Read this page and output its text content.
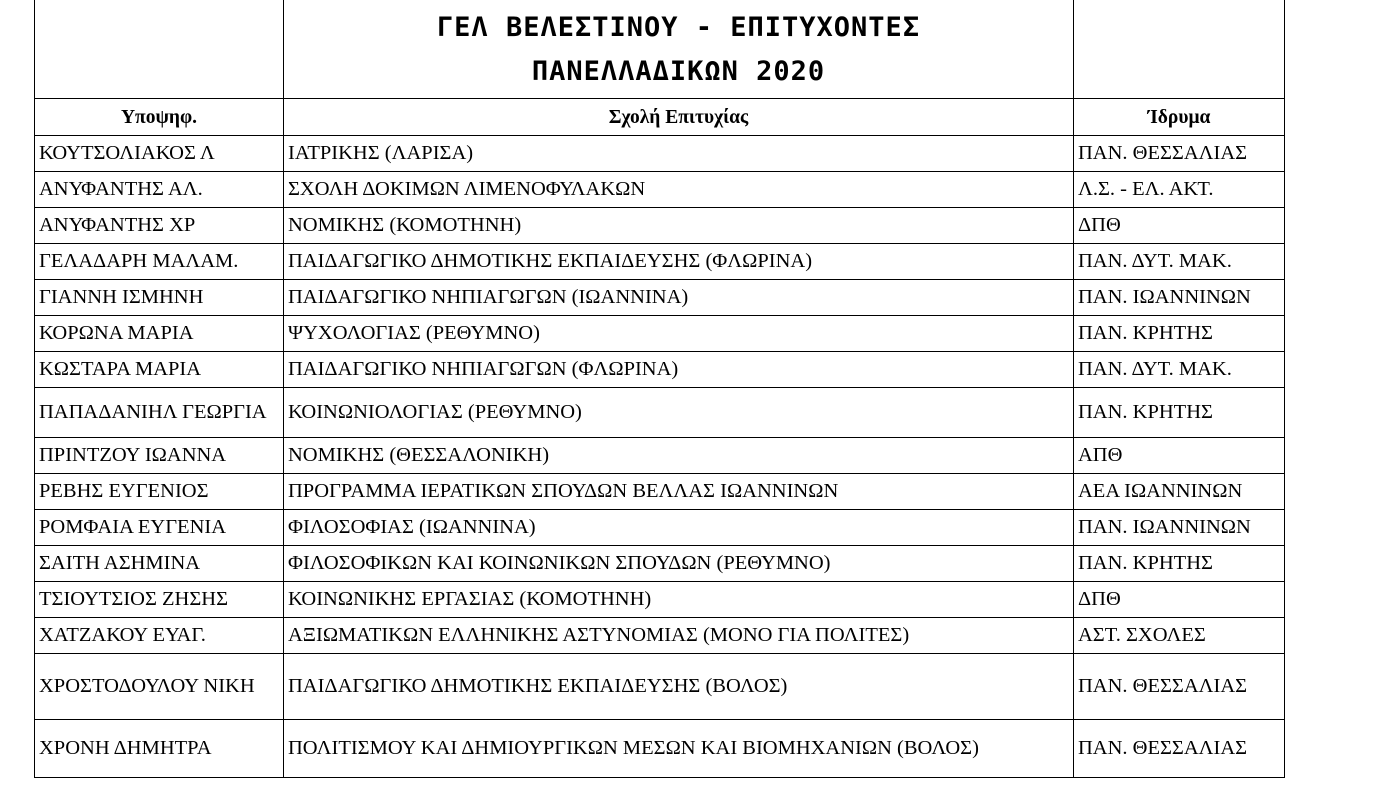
	ΓΕΛ ΒΕΛΕΣΤΙΝΟΥ - ΕΠΙΤΥΧΟΝΤΕΣ
ΠΑΝΕΛΛΑΔΙΚΩΝ 2020	

Υποψηφ.	Σχολή Επιτυχίας	Ίδρυμα
ΚΟΥΤΣΟΛΙΑΚΟΣ Λ	ΙΑΤΡΙΚΗΣ (ΛΑΡΙΣΑ)	ΠΑΝ. ΘΕΣΣΑΛΙΑΣ
ΑΝΥΦΑΝΤΗΣ ΑΛ.	ΣΧΟΛΗ ΔΟΚΙΜΩΝ ΛΙΜΕΝΟΦΥΛΑΚΩΝ	Λ.Σ. - ΕΛ. ΑΚΤ.
ΑΝΥΦΑΝΤΗΣ ΧΡ	ΝΟΜΙΚΗΣ (ΚΟΜΟΤΗΝΗ)	ΔΠΘ
ΓΕΛΑΔΑΡΗ ΜΑΛΑΜ.	ΠΑΙΔΑΓΩΓΙΚΟ ΔΗΜΟΤΙΚΗΣ ΕΚΠΑΙΔΕΥΣΗΣ (ΦΛΩΡΙΝΑ)	ΠΑΝ. ΔΥΤ. ΜΑΚ.
ΓΙΑΝΝΗ ΙΣΜΗΝΗ	ΠΑΙΔΑΓΩΓΙΚΟ ΝΗΠΙΑΓΩΓΩΝ (ΙΩΑΝΝΙΝΑ)	ΠΑΝ. ΙΩΑΝΝΙΝΩΝ
ΚΟΡΩΝΑ ΜΑΡΙΑ	ΨΥΧΟΛΟΓΙΑΣ (ΡΕΘΥΜΝΟ)	ΠΑΝ. ΚΡΗΤΗΣ
ΚΩΣΤΑΡΑ ΜΑΡΙΑ	ΠΑΙΔΑΓΩΓΙΚΟ ΝΗΠΙΑΓΩΓΩΝ (ΦΛΩΡΙΝΑ)	ΠΑΝ. ΔΥΤ. ΜΑΚ.
ΠΑΠΑΔΑΝΙΗΛ ΓΕΩΡΓΙΑ	ΚΟΙΝΩΝΙΟΛΟΓΙΑΣ (ΡΕΘΥΜΝΟ)	ΠΑΝ. ΚΡΗΤΗΣ
ΠΡΙΝΤΖΟΥ ΙΩΑΝΝΑ	ΝΟΜΙΚΗΣ (ΘΕΣΣΑΛΟΝΙΚΗ)	ΑΠΘ
ΡΕΒΗΣ ΕΥΓΕΝΙΟΣ	ΠΡΟΓΡΑΜΜΑ ΙΕΡΑΤΙΚΩΝ ΣΠΟΥΔΩΝ ΒΕΛΛΑΣ ΙΩΑΝΝΙΝΩΝ	ΑΕΑ ΙΩΑΝΝΙΝΩΝ
ΡΟΜΦΑΙΑ ΕΥΓΕΝΙΑ	ΦΙΛΟΣΟΦΙΑΣ (ΙΩΑΝΝΙΝΑ)	ΠΑΝ. ΙΩΑΝΝΙΝΩΝ
ΣΑΙΤΗ ΑΣΗΜΙΝΑ	ΦΙΛΟΣΟΦΙΚΩΝ ΚΑΙ ΚΟΙΝΩΝΙΚΩΝ ΣΠΟΥΔΩΝ (ΡΕΘΥΜΝΟ)	ΠΑΝ. ΚΡΗΤΗΣ
ΤΣΙΟΥΤΣΙΟΣ ΖΗΣΗΣ	ΚΟΙΝΩΝΙΚΗΣ ΕΡΓΑΣΙΑΣ (ΚΟΜΟΤΗΝΗ)	ΔΠΘ
ΧΑΤΖΑΚΟΥ ΕΥΑΓ.	ΑΞΙΩΜΑΤΙΚΩΝ ΕΛΛΗΝΙΚΗΣ ΑΣΤΥΝΟΜΙΑΣ (ΜΟΝΟ ΓΙΑ ΠΟΛΙΤΕΣ)	ΑΣΤ. ΣΧΟΛΕΣ
ΧΡΟΣΤΟΔΟΥΛΟΥ ΝΙΚΗ	ΠΑΙΔΑΓΩΓΙΚΟ ΔΗΜΟΤΙΚΗΣ ΕΚΠΑΙΔΕΥΣΗΣ (ΒΟΛΟΣ)	ΠΑΝ. ΘΕΣΣΑΛΙΑΣ
ΧΡΟΝΗ ΔΗΜΗΤΡΑ	ΠΟΛΙΤΙΣΜΟΥ ΚΑΙ ΔΗΜΙΟΥΡΓΙΚΩΝ ΜΕΣΩΝ ΚΑΙ ΒΙΟΜΗΧΑΝΙΩΝ (ΒΟΛΟΣ)	ΠΑΝ. ΘΕΣΣΑΛΙΑΣ
